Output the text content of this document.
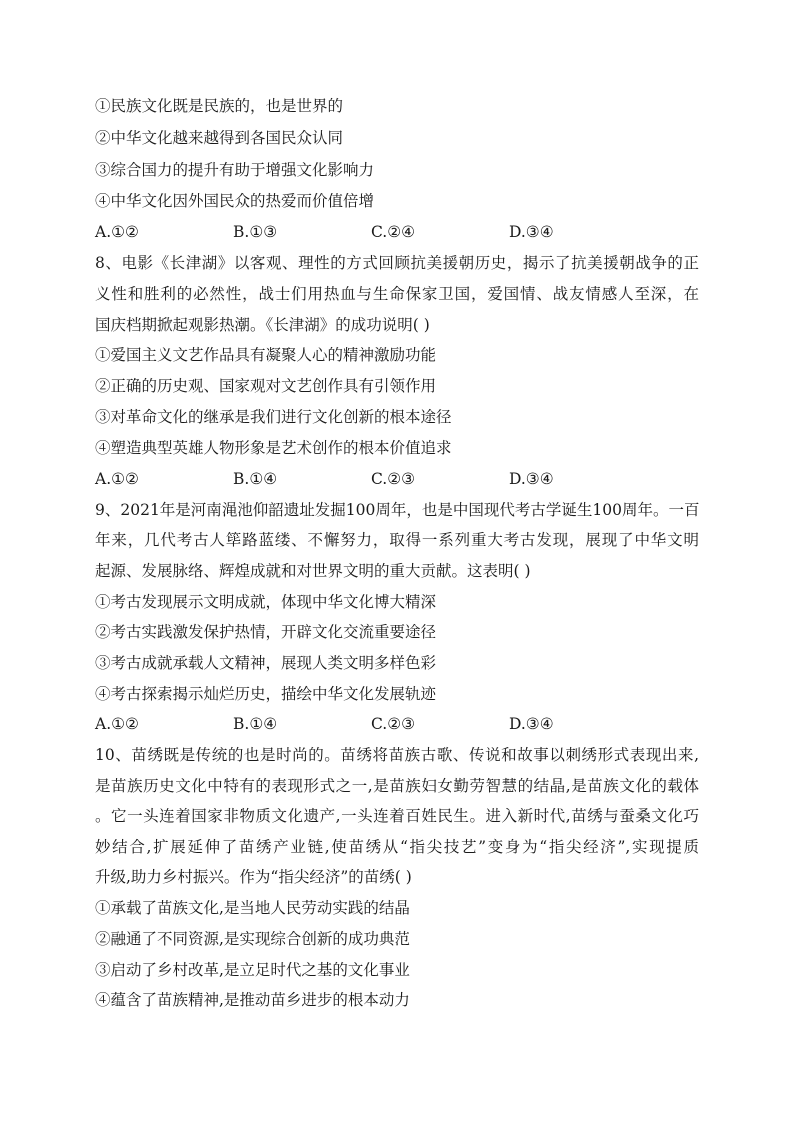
①民族文化既是民族的，也是世界的
②中华文化越来越得到各国民众认同
③综合国力的提升有助于增强文化影响力
④中华文化因外国民众的热爱而价值倍增
A.①②	B.①③	C.②④	D.③④
8、电影《长津湖》以客观、理性的方式回顾抗美援朝历史，揭示了抗美援朝战争的正
义性和胜利的必然性，战士们用热血与生命保家卫国，爱国情、战友情感人至深，在
国庆档期掀起观影热潮。《长津湖》的成功说明( )
①爱国主义文艺作品具有凝聚人心的精神激励功能
②正确的历史观、国家观对文艺创作具有引领作用
③对革命文化的继承是我们进行文化创新的根本途径
④塑造典型英雄人物形象是艺术创作的根本价值追求
A.①②	B.①④	C.②③	D.③④
9、2021年是河南渑池仰韶遗址发掘100周年，也是中国现代考古学诞生100周年。一百
年来，几代考古人筚路蓝缕、不懈努力，取得一系列重大考古发现，展现了中华文明
起源、发展脉络、辉煌成就和对世界文明的重大贡献。这表明( )
①考古发现展示文明成就，体现中华文化博大精深
②考古实践激发保护热情，开辟文化交流重要途径
③考古成就承载人文精神，展现人类文明多样色彩
④考古探索揭示灿烂历史，描绘中华文化发展轨迹
A.①②	B.①④	C.②③	D.③④
10、苗绣既是传统的也是时尚的。苗绣将苗族古歌、传说和故事以刺绣形式表现出来,
是苗族历史文化中特有的表现形式之一,是苗族妇女勤劳智慧的结晶,是苗族文化的载体
。它一头连着国家非物质文化遗产,一头连着百姓民生。进入新时代,苗绣与蚕桑文化巧
妙结合,扩展延伸了苗绣产业链,使苗绣从“指尖技艺”变身为“指尖经济”,实现提质
升级,助力乡村振兴。作为“指尖经济”的苗绣( )
①承载了苗族文化,是当地人民劳动实践的结晶
②融通了不同资源,是实现综合创新的成功典范
③启动了乡村改革,是立足时代之基的文化事业
④蕴含了苗族精神,是推动苗乡进步的根本动力
